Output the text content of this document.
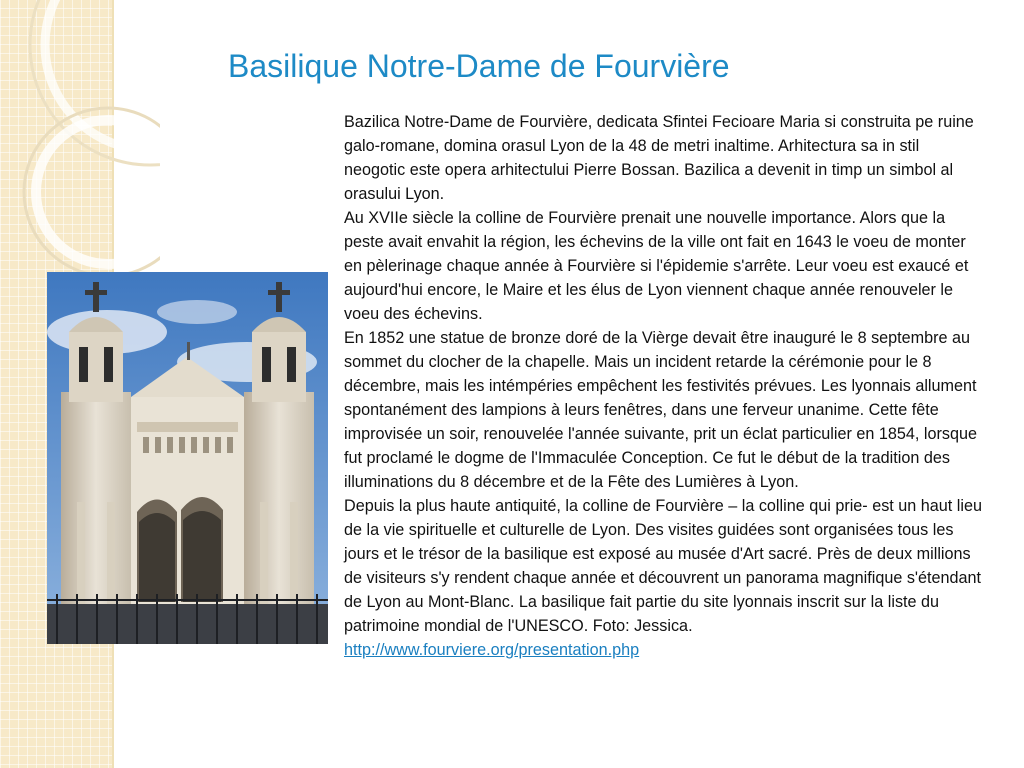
Basilique Notre-Dame de Fourvière

Bazilica Notre-Dame de Fourvière, dedicata Sfintei Fecioare Maria si construita pe ruine galo-romane, domina orasul Lyon de la 48 de metri inaltime. Arhitectura sa in stil neogotic este opera arhitectului Pierre Bossan. Bazilica a devenit in timp un simbol al orasului Lyon.

Au XVIIe siècle la colline de Fourvière prenait une nouvelle importance. Alors que la peste avait envahit la région, les échevins de la ville ont fait en 1643 le voeu de monter en pèlerinage chaque année à Fourvière si l'épidemie s'arrête. Leur voeu est exaucé et aujourd'hui encore, le Maire et les élus de Lyon viennent chaque année renouveler le voeu des échevins.

En 1852 une statue de bronze doré de la Vièrge devait être inauguré le 8 septembre au sommet du clocher de la chapelle. Mais un incident retarde la cérémonie pour le 8 décembre, mais les intémpéries empêchent les festivités prévues. Les lyonnais allument spontanément des lampions à leurs fenêtres, dans une ferveur unanime. Cette fête improvisée un soir, renouvelée l'année suivante, prit un éclat particulier en 1854, lorsque fut proclamé le dogme de l'Immaculée Conception. Ce fut le début de la tradition des illuminations du 8 décembre et de la Fête des Lumières à Lyon.

Depuis la plus haute antiquité, la colline de Fourvière – la colline qui prie- est un haut lieu de la vie spirituelle et culturelle de Lyon. Des visites guidées sont organisées tous les jours et le trésor de la basilique est exposé au musée d'Art sacré. Près de deux millions de visiteurs s'y rendent chaque année et découvrent un panorama magnifique s'étendant de Lyon au Mont-Blanc. La basilique fait partie du site lyonnais inscrit sur la liste du patrimoine mondial de l'UNESCO. Foto: Jessica.

http://www.fourviere.org/presentation.php
